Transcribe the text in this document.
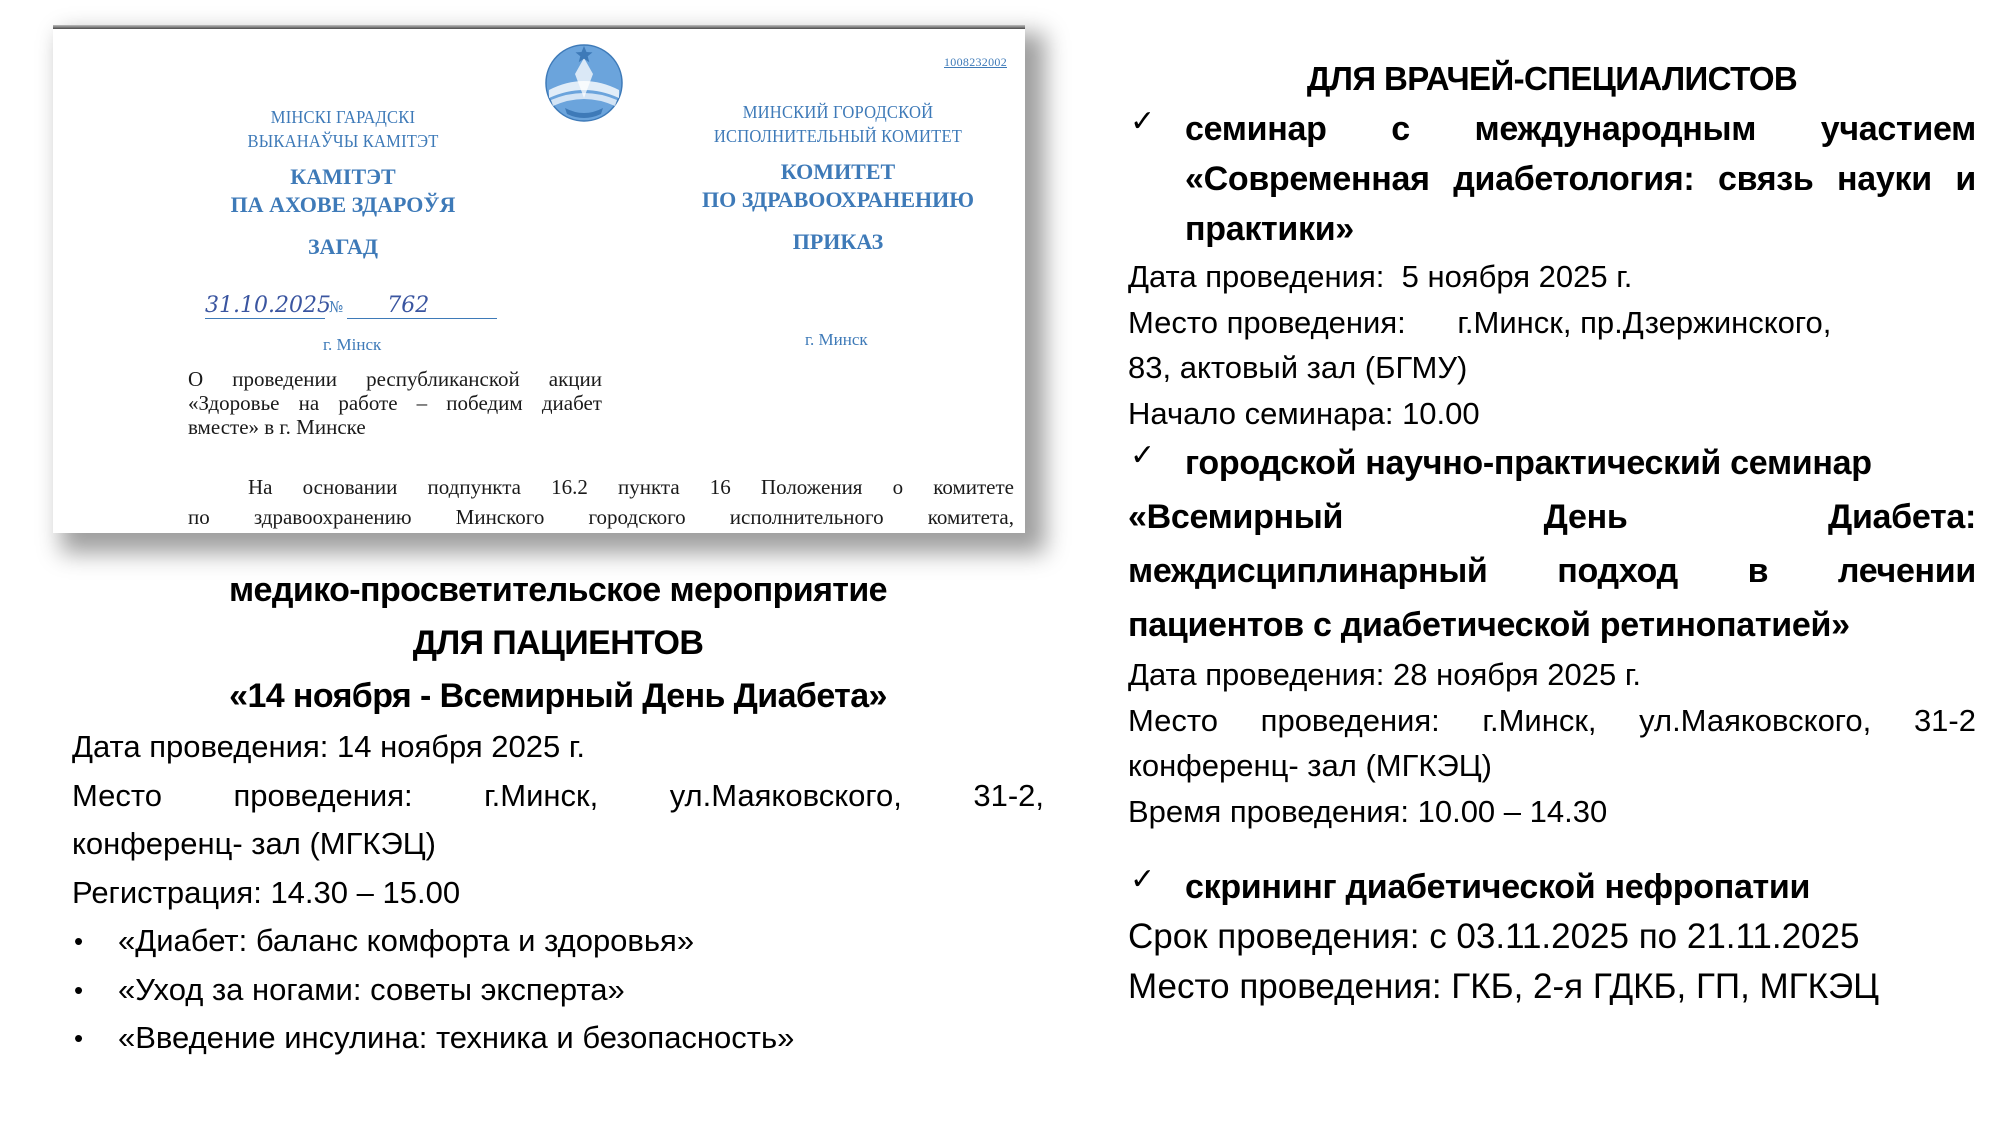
1008232002
МІНСКІ ГАРАДСКІ
ВЫКАНАЎЧЫ КАМІТЭТ
КАМІТЭТ
ПА АХОВЕ ЗДАРОЎЯ
ЗАГАД
МИНСКИЙ ГОРОДСКОЙ
ИСПОЛНИТЕЛЬНЫЙ КОМИТЕТ
КОМИТЕТ
ПО ЗДРАВООХРАНЕНИЮ
ПРИКАЗ
31.10.2025№ 762
г. Мінск	г. Минск
О проведении республиканской акции «Здоровье на работе – победим диабет вместе» в г. Минске
На основании подпункта 16.2 пункта 16 Положения о комитете
по здравоохранению Минского городского исполнительного комитета,
медико-просветительское мероприятие
ДЛЯ ПАЦИЕНТОВ
«14 ноября - Всемирный День Диабета»
Дата проведения: 14 ноября 2025 г.
Место проведения: г.Минск, ул.Маяковского, 31-2,
конференц- зал (МГКЭЦ)
Регистрация: 14.30 – 15.00
• «Диабет: баланс комфорта и здоровья»
• «Уход за ногами: советы эксперта»
• «Введение инсулина: техника и безопасность»
ДЛЯ ВРАЧЕЙ-СПЕЦИАЛИСТОВ
✓ семинар с международным участием «Современная диабетология: связь науки и практики»
Дата проведения:  5 ноября 2025 г.
Место проведения:      г.Минск, пр.Дзержинского,
83, актовый зал (БГМУ)
Начало семинара: 10.00
✓ городской научно-практический семинар
«Всемирный День Диабета:
междисциплинарный подход в лечении
пациентов с диабетической ретинопатией»
Дата проведения: 28 ноября 2025 г.
Место проведения: г.Минск, ул.Маяковского, 31-2
конференц- зал (МГКЭЦ)
Время проведения: 10.00 – 14.30
✓ скрининг диабетической нефропатии
Срок проведения: с 03.11.2025 по 21.11.2025
Место проведения: ГКБ, 2-я ГДКБ, ГП, МГКЭЦ
